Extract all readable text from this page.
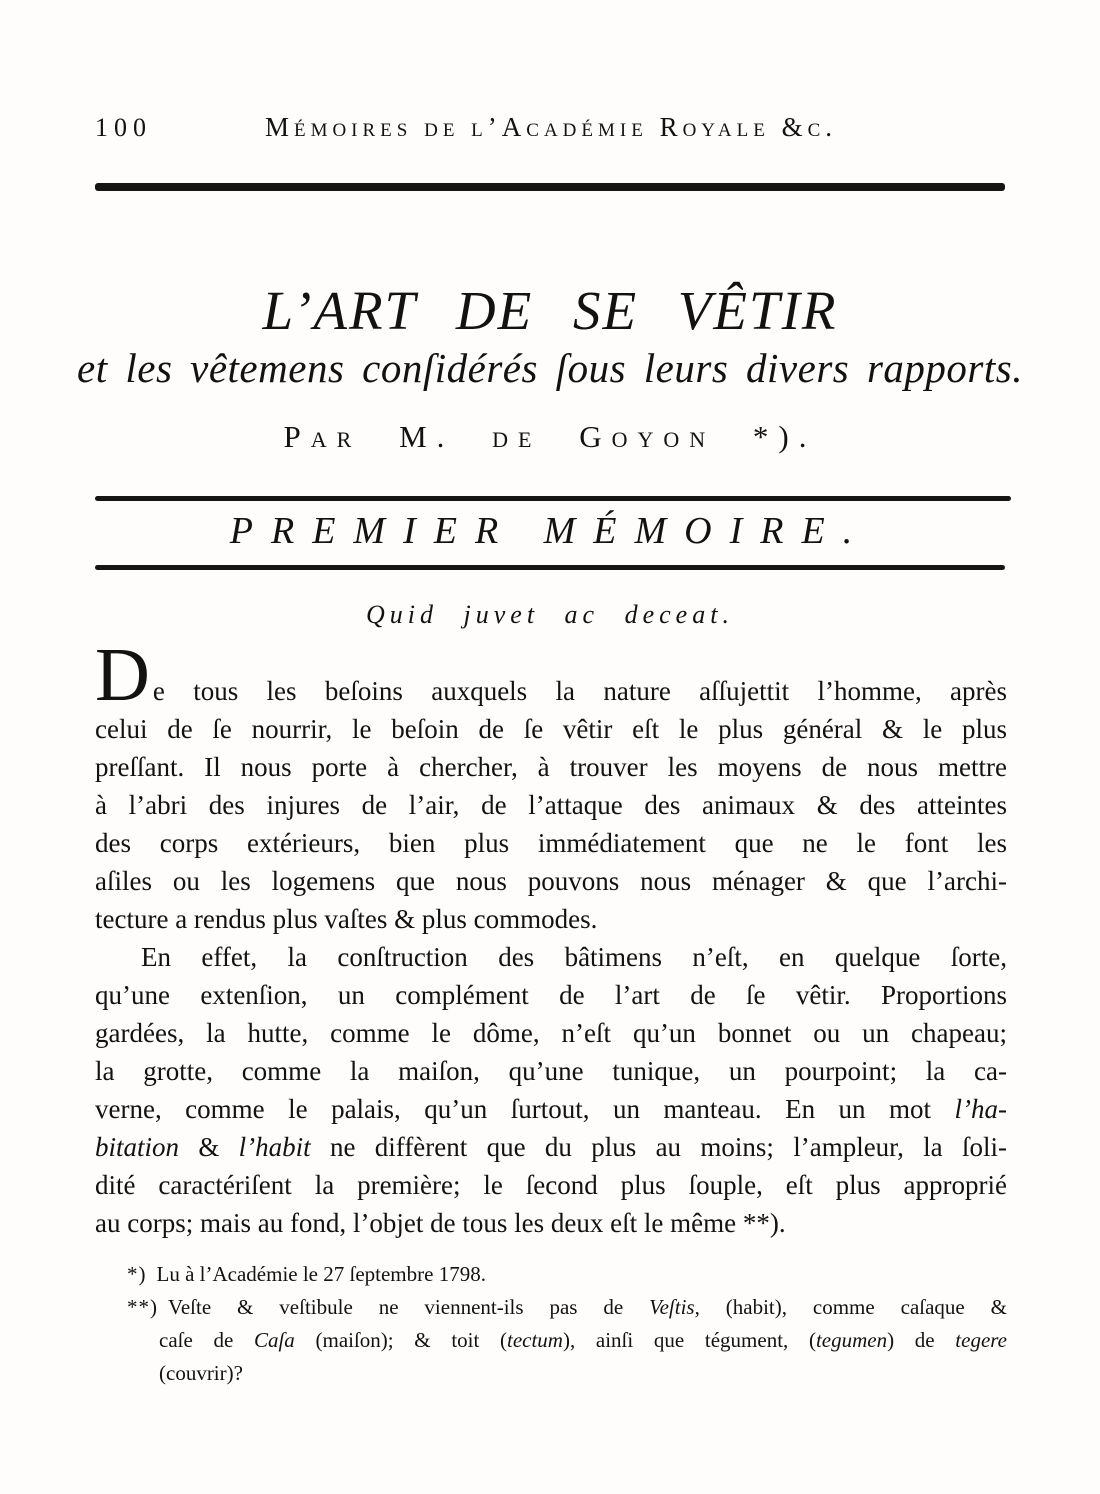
100	Mémoires de l’Académie Royale &c.
L’ART DE SE VÊTIR
et les vêtemens conſidérés ſous leurs divers rapports.
Par M. de Goyon *).
PREMIER MÉMOIRE.
Quid juvet ac deceat.
De tous les beſoins auxquels la nature aſſujettit l’homme, après
celui de ſe nourrir, le beſoin de ſe vêtir eſt le plus général & le plus
preſſant. Il nous porte à chercher, à trouver les moyens de nous mettre
à l’abri des injures de l’air, de l’attaque des animaux & des atteintes
des corps extérieurs, bien plus immédiatement que ne le font les
aſiles ou les logemens que nous pouvons nous ménager & que l’archi-
tecture a rendus plus vaſtes & plus commodes.
En effet, la conſtruction des bâtimens n’eſt, en quelque ſorte,
qu’une extenſion, un complément de l’art de ſe vêtir. Proportions
gardées, la hutte, comme le dôme, n’eſt qu’un bonnet ou un chapeau;
la grotte, comme la maiſon, qu’une tunique, un pourpoint; la ca-
verne, comme le palais, qu’un ſurtout, un manteau. En un mot l’ha-
bitation & l’habit ne diffèrent que du plus au moins; l’ampleur, la ſoli-
dité caractériſent la première; le ſecond plus ſouple, eſt plus approprié
au corps; mais au fond, l’objet de tous les deux eſt le même **).
*) Lu à l’Académie le 27 ſeptembre 1798.
**) Veſte & veſtibule ne viennent-ils pas de Veſtis, (habit), comme caſaque &
caſe de Caſa (maiſon); & toit (tectum), ainſi que tégument, (tegumen) de tegere
(couvrir)?
